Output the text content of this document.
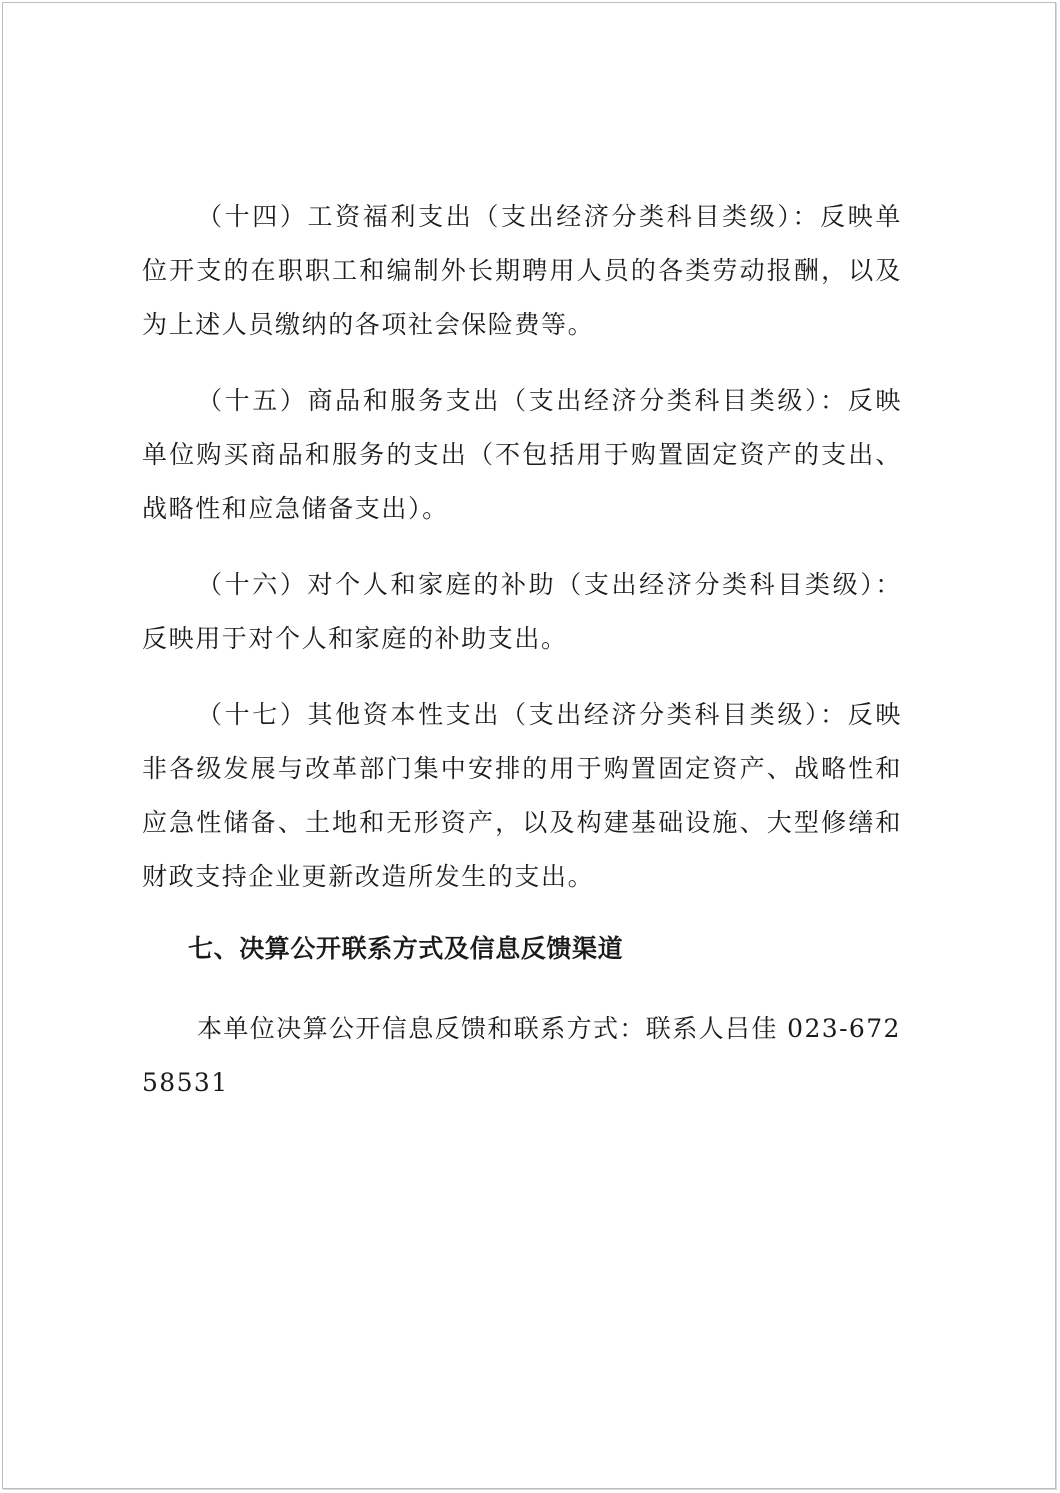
（十四）工资福利支出（支出经济分类科目类级）：反映单位开支的在职职工和编制外长期聘用人员的各类劳动报酬，以及为上述人员缴纳的各项社会保险费等。

（十五）商品和服务支出（支出经济分类科目类级）：反映单位购买商品和服务的支出（不包括用于购置固定资产的支出、战略性和应急储备支出）。

（十六）对个人和家庭的补助（支出经济分类科目类级）：反映用于对个人和家庭的补助支出。

（十七）其他资本性支出（支出经济分类科目类级）：反映非各级发展与改革部门集中安排的用于购置固定资产、战略性和应急性储备、土地和无形资产，以及构建基础设施、大型修缮和财政支持企业更新改造所发生的支出。

七、决算公开联系方式及信息反馈渠道

本单位决算公开信息反馈和联系方式：联系人吕佳 023-67258531
